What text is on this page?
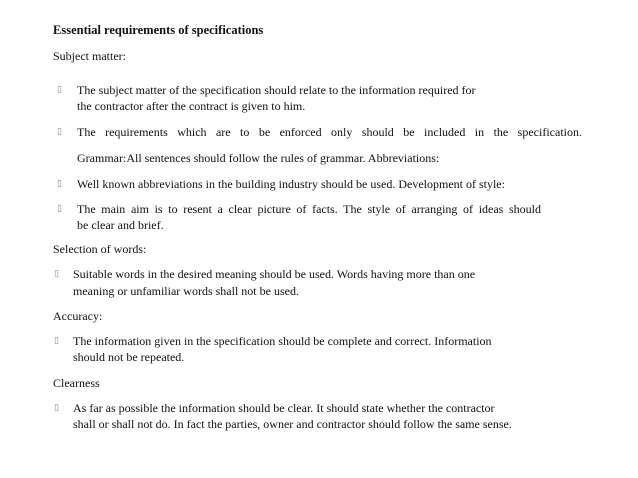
Essential requirements of specifications
Subject matter:
▯ The subject matter of the specification should relate to the information required for
the contractor after the contract is given to him.
▯ The requirements which are to be enforced only should be included in the specification.
Grammar:All sentences should follow the rules of grammar. Abbreviations:
▯ Well known abbreviations in the building industry should be used. Development of style:
▯ The main aim is to resent a clear picture of facts. The style of arranging of ideas should
be clear and brief.
Selection of words:
▯ Suitable words in the desired meaning should be used. Words having more than one
meaning or unfamiliar words shall not be used.
Accuracy:
▯ The information given in the specification should be complete and correct. Information
should not be repeated.
Clearness
▯ As far as possible the information should be clear. It should state whether the contractor
shall or shall not do. In fact the parties, owner and contractor should follow the same sense.
